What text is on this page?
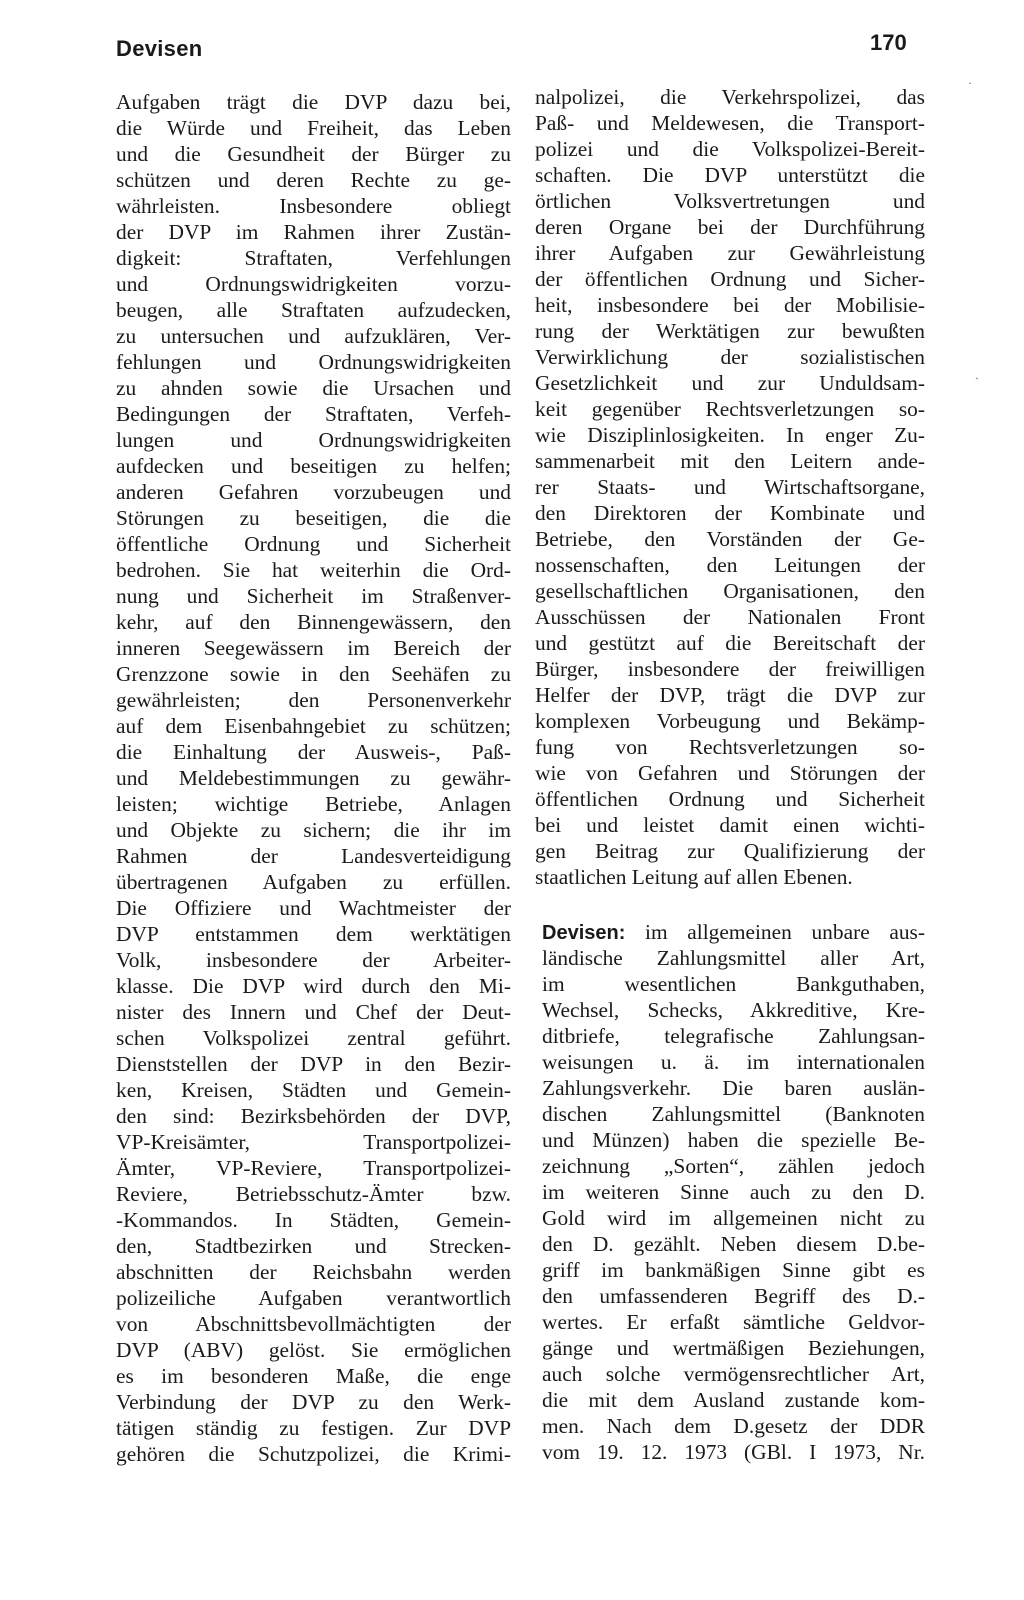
Devisen	170
Aufgaben trägt die DVP dazu bei,
die Würde und Freiheit, das Leben
und die Gesundheit der Bürger zu
schützen und deren Rechte zu ge-
währleisten. Insbesondere obliegt
der DVP im Rahmen ihrer Zustän-
digkeit: Straftaten, Verfehlungen
und Ordnungswidrigkeiten vorzu-
beugen, alle Straftaten aufzudecken,
zu untersuchen und aufzuklären, Ver-
fehlungen und Ordnungswidrigkeiten
zu ahnden sowie die Ursachen und
Bedingungen der Straftaten, Verfeh-
lungen und Ordnungswidrigkeiten
aufdecken und beseitigen zu helfen;
anderen Gefahren vorzubeugen und
Störungen zu beseitigen, die die
öffentliche Ordnung und Sicherheit
bedrohen. Sie hat weiterhin die Ord-
nung und Sicherheit im Straßenver-
kehr, auf den Binnengewässern, den
inneren Seegewässern im Bereich der
Grenzzone sowie in den Seehäfen zu
gewährleisten; den Personenverkehr
auf dem Eisenbahngebiet zu schützen;
die Einhaltung der Ausweis-, Paß-
und Meldebestimmungen zu gewähr-
leisten; wichtige Betriebe, Anlagen
und Objekte zu sichern; die ihr im
Rahmen der Landesverteidigung
übertragenen Aufgaben zu erfüllen.
Die Offiziere und Wachtmeister der
DVP entstammen dem werktätigen
Volk, insbesondere der Arbeiter-
klasse. Die DVP wird durch den Mi-
nister des Innern und Chef der Deut-
schen Volkspolizei zentral geführt.
Dienststellen der DVP in den Bezir-
ken, Kreisen, Städten und Gemein-
den sind: Bezirksbehörden der DVP,
VP-Kreisämter, Transportpolizei-
Ämter, VP-Reviere, Transportpolizei-
Reviere, Betriebsschutz-Ämter bzw.
-Kommandos. In Städten, Gemein-
den, Stadtbezirken und Strecken-
abschnitten der Reichsbahn werden
polizeiliche Aufgaben verantwortlich
von Abschnittsbevollmächtigten der
DVP (ABV) gelöst. Sie ermöglichen
es im besonderen Maße, die enge
Verbindung der DVP zu den Werk-
tätigen ständig zu festigen. Zur DVP
gehören die Schutzpolizei, die Krimi-
nalpolizei, die Verkehrspolizei, das
Paß- und Meldewesen, die Transport-
polizei und die Volkspolizei-Bereit-
schaften. Die DVP unterstützt die
örtlichen Volksvertretungen und
deren Organe bei der Durchführung
ihrer Aufgaben zur Gewährleistung
der öffentlichen Ordnung und Sicher-
heit, insbesondere bei der Mobilisie-
rung der Werktätigen zur bewußten
Verwirklichung der sozialistischen
Gesetzlichkeit und zur Unduldsam-
keit gegenüber Rechtsverletzungen so-
wie Disziplinlosigkeiten. In enger Zu-
sammenarbeit mit den Leitern ande-
rer Staats- und Wirtschaftsorgane,
den Direktoren der Kombinate und
Betriebe, den Vorständen der Ge-
nossenschaften, den Leitungen der
gesellschaftlichen Organisationen, den
Ausschüssen der Nationalen Front
und gestützt auf die Bereitschaft der
Bürger, insbesondere der freiwilligen
Helfer der DVP, trägt die DVP zur
komplexen Vorbeugung und Bekämp-
fung von Rechtsverletzungen so-
wie von Gefahren und Störungen der
öffentlichen Ordnung und Sicherheit
bei und leistet damit einen wichti-
gen Beitrag zur Qualifizierung der
staatlichen Leitung auf allen Ebenen.
Devisen: im allgemeinen unbare aus-
ländische Zahlungsmittel aller Art,
im wesentlichen Bankguthaben,
Wechsel, Schecks, Akkreditive, Kre-
ditbriefe, telegrafische Zahlungsan-
weisungen u. ä. im internationalen
Zahlungsverkehr. Die baren auslän-
dischen Zahlungsmittel (Banknoten
und Münzen) haben die spezielle Be-
zeichnung „Sorten“, zählen jedoch
im weiteren Sinne auch zu den D.
Gold wird im allgemeinen nicht zu
den D. gezählt. Neben diesem D.be-
griff im bankmäßigen Sinne gibt es
den umfassenderen Begriff des D.-
wertes. Er erfaßt sämtliche Geldvor-
gänge und wertmäßigen Beziehungen,
auch solche vermögensrechtlicher Art,
die mit dem Ausland zustande kom-
men. Nach dem D.gesetz der DDR
vom 19. 12. 1973 (GBl. I 1973, Nr.
·
ˎ
